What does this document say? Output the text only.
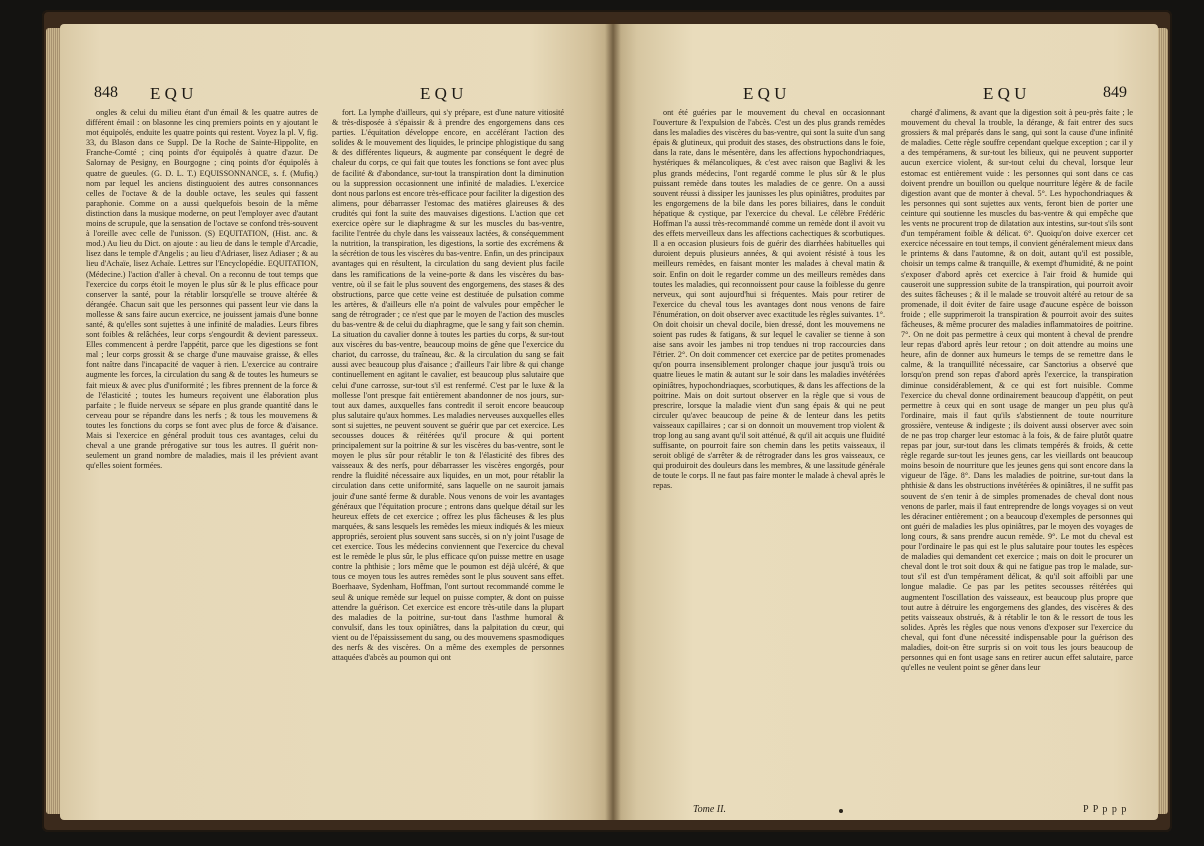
848 E Q U	E Q U

ongles & celui du milieu étant d'un émail & les quatre autres de différent émail : on blasonne les cinq premiers points en y ajoutant le mot équipolés, enduite les quatre points qui restent. Voyez la pl. V, fig. 33, du Blason dans ce Suppl. De la Roche de Sainte-Hippolite, en Franche-Comté ; cinq points d'or équipolés à quatre d'azur. De Salornay de Pesigny, en Bourgogne ; cinq points d'or équipolés à quatre de gueules. (G. D. L. T.) EQUISSONNANCE, s. f. (Mufiq.) nom par lequel les anciens distinguoient des autres consonnances celles de l'octave & de la double octave, les seules qui fassent paraphonie. Comme on a aussi quelquefois besoin de la même distinction dans la musique moderne, on peut l'employer avec d'autant moins de scrupule, que la sensation de l'octave se confond très-souvent à l'oreille avec celle de l'unisson. (S) EQUITATION, (Hist. anc. & mod.) Au lieu du Dict. on ajoute : au lieu de dans le temple d'Arcadie, lisez dans le temple d'Angelis ; au lieu d'Adriaser, lisez Adiaser ; & au lieu d'Achaïe, lisez Achaïe. Lettres sur l'Encyclopédie. EQUITATION, (Médecine.) l'action d'aller à cheval. On a reconnu de tout temps que l'exercice du corps étoit le moyen le plus sûr & le plus efficace pour conserver la santé, pour la rétablir lorsqu'elle se trouve altérée & dérangée. Chacun sait que les personnes qui passent leur vie dans la mollesse & sans faire aucun exercice, ne jouissent jamais d'une bonne santé, & qu'elles sont sujettes à une infinité de maladies. Leurs fibres sont foibles & relâchées, leur corps s'engourdit & devient paresseux. Elles commencent à perdre l'appétit, parce que les digestions se font mal ; leur corps grossit & se charge d'une mauvaise graisse, & elles font naître dans l'incapacité de vaquer à rien. L'exercice au contraire augmente les forces, la circulation du sang & de toutes les humeurs se fait mieux & avec plus d'uniformité ; les fibres prennent de la force & de l'élasticité ; toutes les humeurs reçoivent une élaboration plus parfaite ; le fluide nerveux se sépare en plus grande quantité dans le cerveau pour se répandre dans les nerfs ; & tous les mouvemens & toutes les fonctions du corps se font avec plus de force & d'aisance. Mais si l'exercice en général produit tous ces avantages, celui du cheval a une grande prérogative sur tous les autres. Il guérit non-seulement un grand nombre de maladies, mais il les prévient avant qu'elles soient formées.

fort. La lymphe d'ailleurs, qui s'y prépare, est d'une nature vitiosité & très-disposée à s'épaissir & à prendre des engorgemens dans ces parties. L'équitation développe encore, en accélérant l'action des solides & le mouvement des liquides, le principe phlogistique du sang & des différentes liqueurs, & augmente par conséquent le degré de chaleur du corps, ce qui fait que toutes les fonctions se font avec plus de facilité & d'abondance, sur-tout la transpiration dont la diminution ou la suppression occasionnent une infinité de maladies. L'exercice dont nous parlons est encore très-efficace pour faciliter la digestion des alimens, pour débarrasser l'estomac des matières glaireuses & des crudités qui font la suite des mauvaises digestions. L'action que cet exercice opère sur le diaphragme & sur les muscles du bas-ventre, facilite l'entrée du chyle dans les vaisseaux lactées, & conséquemment la nutrition, la transpiration, les digestions, la sortie des excrémens & la sécrétion de tous les viscères du bas-ventre. Enfin, un des principaux avantages qui en résultent, la circulation du sang devient plus facile dans les ramifications de la veine-porte & dans les viscères du bas-ventre, où il se fait le plus souvent des engorgemens, des stases & des obstructions, parce que cette veine est destituée de pulsation comme les artères, & d'ailleurs elle n'a point de valvules pour empêcher le sang de rétrograder ; ce n'est que par le moyen de l'action des muscles du bas-ventre & de celui du diaphragme, que le sang y fait son chemin. La situation du cavalier donne à toutes les parties du corps, & sur-tout aux viscères du bas-ventre, beaucoup moins de gêne que l'exercice du chariot, du carrosse, du traîneau, &c. & la circulation du sang se fait aussi avec beaucoup plus d'aisance ; d'ailleurs l'air libre & qui change continuellement en agitant le cavalier, est beaucoup plus salutaire que celui d'une carrosse, sur-tout s'il est renfermé. C'est par le luxe & la mollesse l'ont presque fait entièrement abandonner de nos jours, sur-tout aux dames, auxquelles fans contredit il seroit encore beaucoup plus salutaire qu'aux hommes. Les maladies nerveuses auxquelles elles sont si sujettes, ne peuvent souvent se guérir que par cet exercice. Les secousses douces & réitérées qu'il procure & qui portent principalement sur la poitrine & sur les viscères du bas-ventre, sont le moyen le plus sûr pour rétablir le ton & l'élasticité des fibres des vaisseaux & des nerfs, pour débarrasser les viscères engorgés, pour rendre la fluidité nécessaire aux liquides, en un mot, pour rétablir la circulation dans cette uniformité, sans laquelle on ne sauroit jamais jouir d'une santé ferme & durable. Nous venons de voir les avantages généraux que l'équitation procure ; entrons dans quelque détail sur les heureux effets de cet exercice ; offrez les plus fâcheuses & les plus marquées, & sans lesquels les remèdes les mieux indiqués & les mieux appropriés, seroient plus souvent sans succès, si on n'y joint l'usage de cet exercice. Tous les médecins conviennent que l'exercice du cheval est le remède le plus sûr, le plus efficace qu'on puisse mettre en usage contre la phthisie ; lors même que le poumon est déjà ulcéré, & que tous ce moyen tous les autres remèdes sont le plus souvent sans effet. Boerhaave, Sydenham, Hoffman, l'ont surtout recommandé comme le seul & unique remède sur lequel on puisse compter, & dont on puisse attendre la guérison. Cet exercice est encore très-utile dans la plupart des maladies de la poitrine, sur-tout dans l'asthme humoral & convulsif, dans les toux opiniâtres, dans la palpitation du cœur, qui vient ou de l'épaississement du sang, ou des mouvemens spasmodiques des nerfs & des viscères. On a même des exemples de personnes attaquées d'abcès au poumon qui ont

E Q U	E Q U	849

ont été guéries par le mouvement du cheval en occasionnant l'ouverture & l'expulsion de l'abcès. C'est un des plus grands remèdes dans les maladies des viscères du bas-ventre, qui sont la suite d'un sang épais & glutineux, qui produit des stases, des obstructions dans le foie, dans la rate, dans le mésentère, dans les affections hypochondriaques, hystériques & mélancoliques, & c'est avec raison que Baglivi & les plus grands médecins, l'ont regardé comme le plus sûr & le plus puissant remède dans toutes les maladies de ce genre. On a aussi souvent réussi à dissiper les jaunisses les plus opiniâtres, produites par les engorgemens de la bile dans les pores biliaires, dans le conduit hépatique & cystique, par l'exercice du cheval. Le célèbre Frédéric Hoffman l'a aussi très-recommandé comme un remède dont il avoit vu des effets merveilleux dans les affections cachectiques & scorbutiques. Il a en occasion plusieurs fois de guérir des diarrhées habituelles qui duroient depuis plusieurs années, & qui avoient résisté à tous les meilleurs remèdes, en faisant monter les malades à cheval matin & soir. Enfin on doit le regarder comme un des meilleurs remèdes dans toutes les maladies, qui reconnoissent pour cause la foiblesse du genre nerveux, qui sont aujourd'hui si fréquentes. Mais pour retirer de l'exercice du cheval tous les avantages dont nous venons de faire l'énumération, on doit observer avec exactitude les règles suivantes. 1°. On doit choisir un cheval docile, bien dressé, dont les mouvemens ne soient pas rudes & fatigans, & sur lequel le cavalier se tienne à son aise sans avoir les jambes ni trop tendues ni trop raccourcies dans l'étrier. 2°. On doit commencer cet exercice par de petites promenades qu'on pourra insensiblement prolonger chaque jour jusqu'à trois ou quatre lieues le matin & autant sur le soir dans les maladies invétérées opiniâtres, hypochondriaques, scorbutiques, & dans les affections de la poitrine. Mais on doit surtout observer en la règle que si vous de prescrire, lorsque la maladie vient d'un sang épais & qui ne peut circuler qu'avec beaucoup de peine & de lenteur dans les petits vaisseaux capillaires ; car si on donnoit un mouvement trop violent & trop long au sang avant qu'il soit atténué, & qu'il ait acquis une fluidité suffisante, on pourroit faire son chemin dans les petits vaisseaux, il seroit obligé de s'arrêter & de rétrograder dans les gros vaisseaux, ce qui produiroit des douleurs dans les membres, & une lassitude générale de toute le corps. Il ne faut pas faire monter le malade à cheval après le repas.

chargé d'alimens, & avant que la digestion soit à peu-près faite ; le mouvement du cheval la trouble, la dérange, & fait entrer des sucs grossiers & mal préparés dans le sang, qui sont la cause d'une infinité de maladies. Cette règle souffre cependant quelque exception ; car il y a des tempéramens, & sur-tout les bilieux, qui ne peuvent supporter aucun exercice violent, & sur-tout celui du cheval, lorsque leur estomac est entièrement vuide : les personnes qui sont dans ce cas doivent prendre un bouillon ou quelque nourriture légère & de facile digestion avant que de monter à cheval. 5°. Les hypochondriaques & les personnes qui sont sujettes aux vents, feront bien de porter une ceinture qui soutienne les muscles du bas-ventre & qui empêche que les vents ne procurent trop de dilatation aux intestins, sur-tout s'ils sont d'un tempérament foible & délicat. 6°. Quoiqu'on doive exercer cet exercice nécessaire en tout temps, il convient généralement mieux dans le printems & dans l'automne, & on doit, autant qu'il est possible, choisir un temps calme & tranquille, & exempt d'humidité, & ne point s'exposer d'abord après cet exercice à l'air froid & humide qui causeroit une suppression subite de la transpiration, qui pourroit avoir des suites fâcheuses ; & il le malade se trouvoit altéré au retour de sa promenade, il doit éviter de faire usage d'aucune espèce de boisson froide ; elle supprimeroit la transpiration & pourroit avoir des suites fâcheuses, & même procurer des maladies inflammatoires de poitrine. 7°. On ne doit pas permettre à ceux qui montent à cheval de prendre leur repas d'abord après leur retour ; on doit attendre au moins une heure, afin de donner aux humeurs le temps de se remettre dans le calme, & la tranquillité nécessaire, car Sanctorius a observé que lorsqu'on prend son repas d'abord après l'exercice, la transpiration diminue considérablement, & ce qui est fort nuisible. Comme l'exercice du cheval donne ordinairement beaucoup d'appétit, on peut permettre à ceux qui en sont usage de manger un peu plus qu'à l'ordinaire, mais il faut qu'ils s'abstiennent de toute nourriture grossière, venteuse & indigeste ; ils doivent aussi observer avec soin de ne pas trop charger leur estomac à la fois, & de faire plutôt quatre repas par jour, sur-tout dans les climats tempérés & froids, & cette règle regarde sur-tout les jeunes gens, car les vieillards ont beaucoup moins besoin de nourriture que les jeunes gens qui sont encore dans la vigueur de l'âge. 8°. Dans les maladies de poitrine, sur-tout dans la phthisie & dans les obstructions invétérées & opiniâtres, il ne suffit pas souvent de s'en tenir à de simples promenades de cheval dont nous venons de parler, mais il faut entreprendre de longs voyages si on veut les déraciner entièrement ; on a beaucoup d'exemples de personnes qui ont guéri de maladies les plus opiniâtres, par le moyen des voyages de long cours, & sans prendre aucun remède. 9°. Le mot du cheval est pour l'ordinaire le pas qui est le plus salutaire pour toutes les espèces de maladies qui demandent cet exercice ; mais on doit le procurer un cheval dont le trot soit doux & qui ne fatigue pas trop le malade, sur-tout s'il est d'un tempérament délicat, & qu'il soit affoibli par une longue maladie. Ce pas par les petites secousses réitérées qui augmentent l'oscillation des vaisseaux, est beaucoup plus propre que tout autre à détruire les engorgemens des glandes, des viscères & des petits vaisseaux obstrués, & à rétablir le ton & le ressort de tous les solides. Après les règles que nous venons d'exposer sur l'exercice du cheval, qui font d'une nécessité indispensable pour la guérison des maladies, doit-on être surpris si on voit tous les jours beaucoup de personnes qui en font usage sans en retirer aucun effet salutaire, parce qu'elles ne veulent point se gêner dans leur

Tome II.	P P p p p
